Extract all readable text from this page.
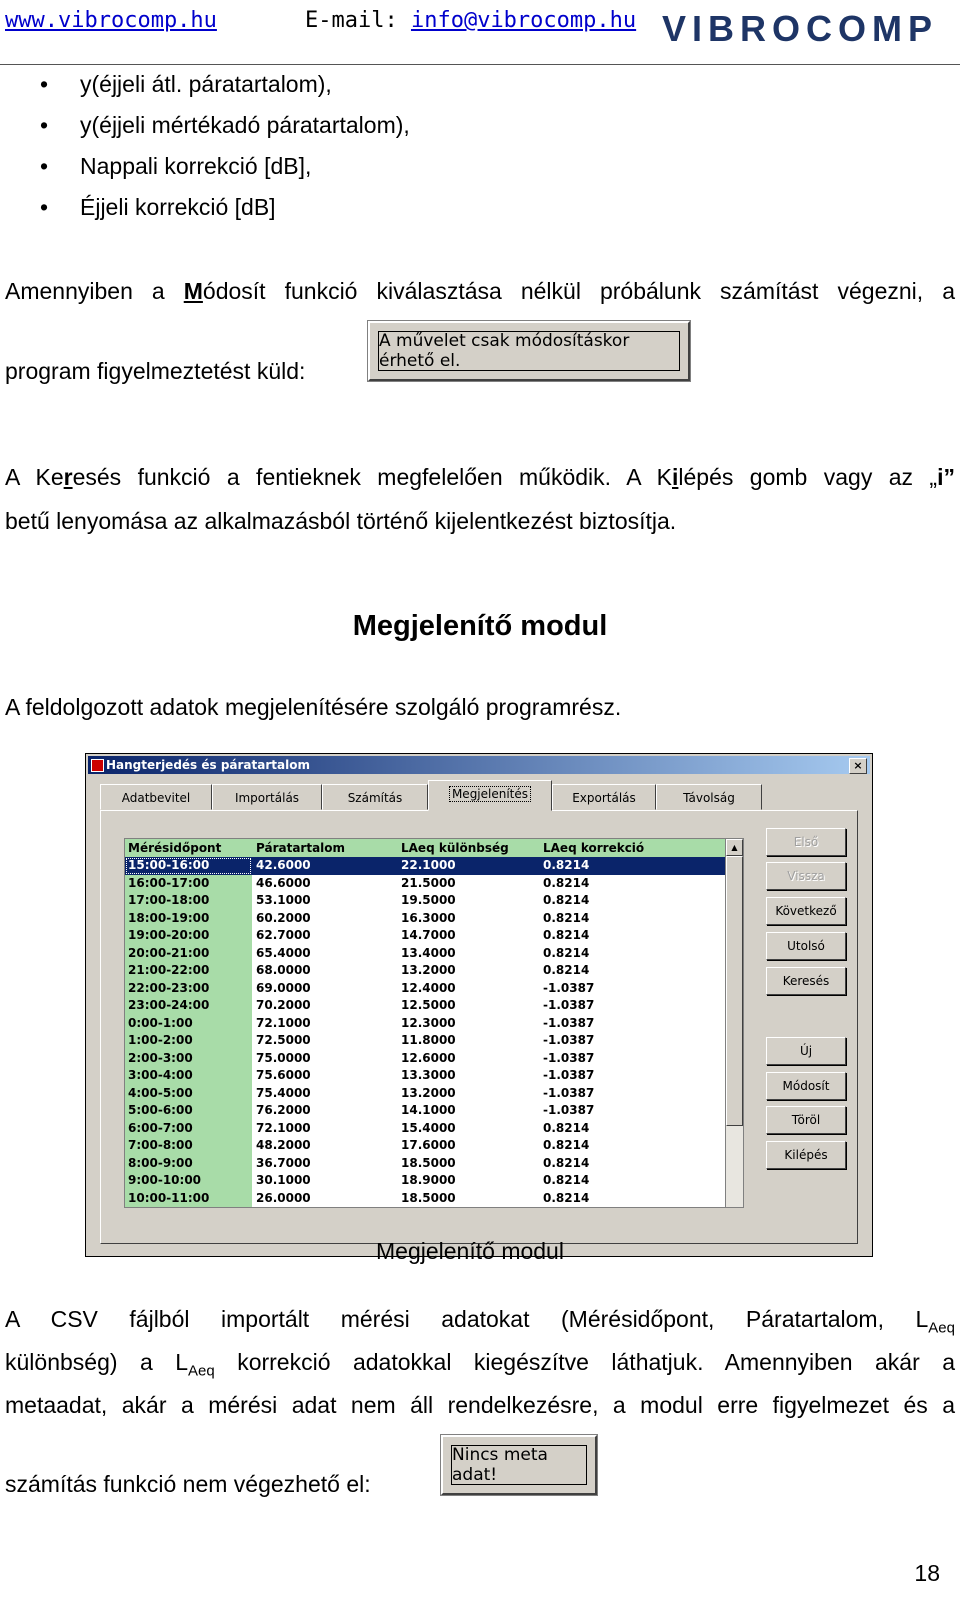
www.vibrocomp.hu	E-mail: info@vibrocomp.hu VIBROCOMP
• y(éjjeli átl. páratartalom),
• y(éjjeli mértékadó páratartalom),
• Nappali korrekció [dB],
• Éjjeli korrekció [dB]
Amennyiben a Módosít funkció kiválasztása nélkül próbálunk számítást végezni, a
program figyelmeztetést küld:
A művelet csak módosításkor érhető el.
A Keresés funkció a fentieknek megfelelően működik. A Kilépés gomb vagy az „i”
betű lenyomása az alkalmazásból történő kijelentkezést biztosítja.
Megjelenítő modul
A feldolgozott adatok megjelenítésére szolgáló programrész.
Hangterjedés és páratartalom	×
Adatbevitel	Importálás	Számítás	Megjelenítés	Exportálás	Távolság
Mérésidőpont	Páratartalom	LAeq különbség	LAeq korrekció
15:00-16:00	42.6000	22.1000	0.8214
16:00-17:00	46.6000	21.5000	0.8214
17:00-18:00	53.1000	19.5000	0.8214
18:00-19:00	60.2000	16.3000	0.8214
19:00-20:00	62.7000	14.7000	0.8214
20:00-21:00	65.4000	13.4000	0.8214
21:00-22:00	68.0000	13.2000	0.8214
22:00-23:00	69.0000	12.4000	-1.0387
23:00-24:00	70.2000	12.5000	-1.0387
0:00-1:00	72.1000	12.3000	-1.0387
1:00-2:00	72.5000	11.8000	-1.0387
2:00-3:00	75.0000	12.6000	-1.0387
3:00-4:00	75.6000	13.3000	-1.0387
4:00-5:00	75.4000	13.2000	-1.0387
5:00-6:00	76.2000	14.1000	-1.0387
6:00-7:00	72.1000	15.4000	0.8214
7:00-8:00	48.2000	17.6000	0.8214
8:00-9:00	36.7000	18.5000	0.8214
9:00-10:00	30.1000	18.9000	0.8214
10:00-11:00	26.0000	18.5000	0.8214
▲	Első
Vissza
Következő
Utolsó
Keresés
Új
Módosít
Töröl
Kilépés
Megjelenítő modul
A CSV fájlból importált mérési adatokat (Mérésidőpont, Páratartalom, $L_{Aeq}$
különbség) a $L_{Aeq}$ korrekció adatokkal kiegészítve láthatjuk. Amennyiben akár a
metaadat, akár a mérési adat nem áll rendelkezésre, a modul erre figyelmezet és a
számítás funkció nem végezhető el:
Nincs meta adat!
18
